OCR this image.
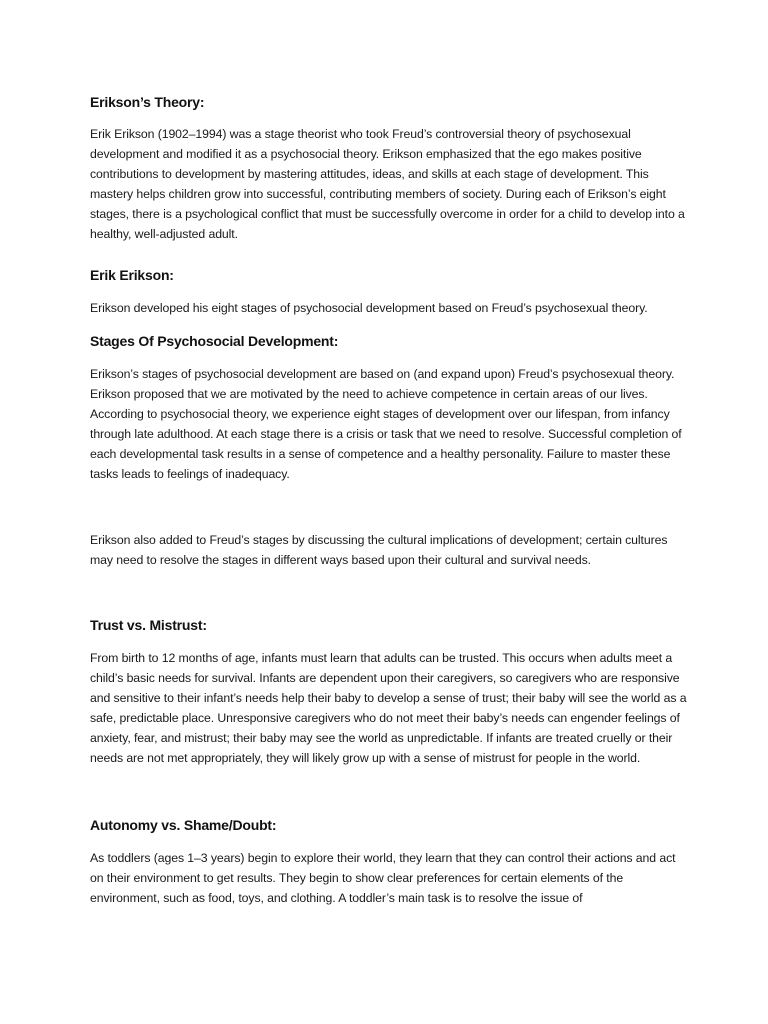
Erikson’s Theory:

Erik Erikson (1902–1994) was a stage theorist who took Freud’s controversial theory of psychosexual development and modified it as a psychosocial theory. Erikson emphasized that the ego makes positive contributions to development by mastering attitudes, ideas, and skills at each stage of development. This mastery helps children grow into successful, contributing members of society. During each of Erikson’s eight stages, there is a psychological conflict that must be successfully overcome in order for a child to develop into a healthy, well-adjusted adult.

Erik Erikson:

Erikson developed his eight stages of psychosocial development based on Freud’s psychosexual theory.

Stages Of Psychosocial Development:

Erikson’s stages of psychosocial development are based on (and expand upon) Freud’s psychosexual theory. Erikson proposed that we are motivated by the need to achieve competence in certain areas of our lives. According to psychosocial theory, we experience eight stages of development over our lifespan, from infancy through late adulthood. At each stage there is a crisis or task that we need to resolve. Successful completion of each developmental task results in a sense of competence and a healthy personality. Failure to master these tasks leads to feelings of inadequacy.

Erikson also added to Freud’s stages by discussing the cultural implications of development; certain cultures may need to resolve the stages in different ways based upon their cultural and survival needs.

Trust vs. Mistrust:

From birth to 12 months of age, infants must learn that adults can be trusted. This occurs when adults meet a child’s basic needs for survival. Infants are dependent upon their caregivers, so caregivers who are responsive and sensitive to their infant’s needs help their baby to develop a sense of trust; their baby will see the world as a safe, predictable place. Unresponsive caregivers who do not meet their baby’s needs can engender feelings of anxiety, fear, and mistrust; their baby may see the world as unpredictable. If infants are treated cruelly or their needs are not met appropriately, they will likely grow up with a sense of mistrust for people in the world.

Autonomy vs. Shame/Doubt:

As toddlers (ages 1–3 years) begin to explore their world, they learn that they can control their actions and act on their environment to get results. They begin to show clear preferences for certain elements of the environment, such as food, toys, and clothing. A toddler’s main task is to resolve the issue of
